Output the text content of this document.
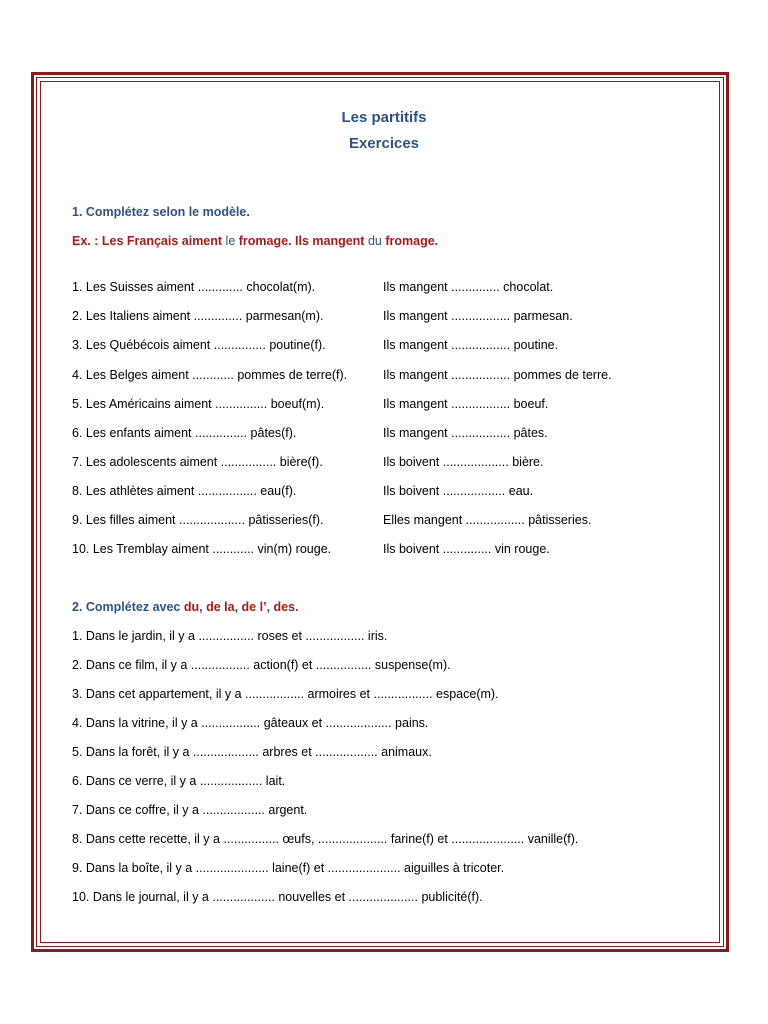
Les partitifs
Exercices
1. Complétez selon le modèle.
Ex. : Les Français aiment le fromage. Ils mangent du fromage.
1. Les Suisses aiment ............. chocolat(m).	Ils mangent .............. chocolat.
2. Les Italiens aiment .............. parmesan(m).	Ils mangent ................. parmesan.
3. Les Québécois aiment ............... poutine(f).	Ils mangent ................. poutine.
4. Les Belges aiment ............ pommes de terre(f).	Ils mangent ................. pommes de terre.
5. Les Américains aiment ............... boeuf(m).	Ils mangent ................. boeuf.
6. Les enfants aiment ............... pâtes(f).	Ils mangent ................. pâtes.
7. Les adolescents aiment ................ bière(f).	Ils boivent ................... bière.
8. Les athlètes aiment ................. eau(f).	Ils boivent .................. eau.
9. Les filles aiment ................... pâtisseries(f).	Elles mangent ................. pâtisseries.
10. Les Tremblay aiment ............ vin(m) rouge.	Ils boivent .............. vin rouge.
2. Complétez avec du, de la, de l’, des.
1. Dans le jardin, il y a ................ roses et ................. iris.
2. Dans ce film, il y a ................. action(f) et ................ suspense(m).
3. Dans cet appartement, il y a ................. armoires et ................. espace(m).
4. Dans la vitrine, il y a ................. gâteaux et ................... pains.
5. Dans la forêt, il y a ................... arbres et .................. animaux.
6. Dans ce verre, il y a .................. lait.
7. Dans ce coffre, il y a .................. argent.
8. Dans cette recette, il y a ................ œufs, .................... farine(f) et ..................... vanille(f).
9. Dans la boîte, il y a ..................... laine(f) et ..................... aiguilles à tricoter.
10. Dans le journal, il y a .................. nouvelles et .................... publicité(f).
